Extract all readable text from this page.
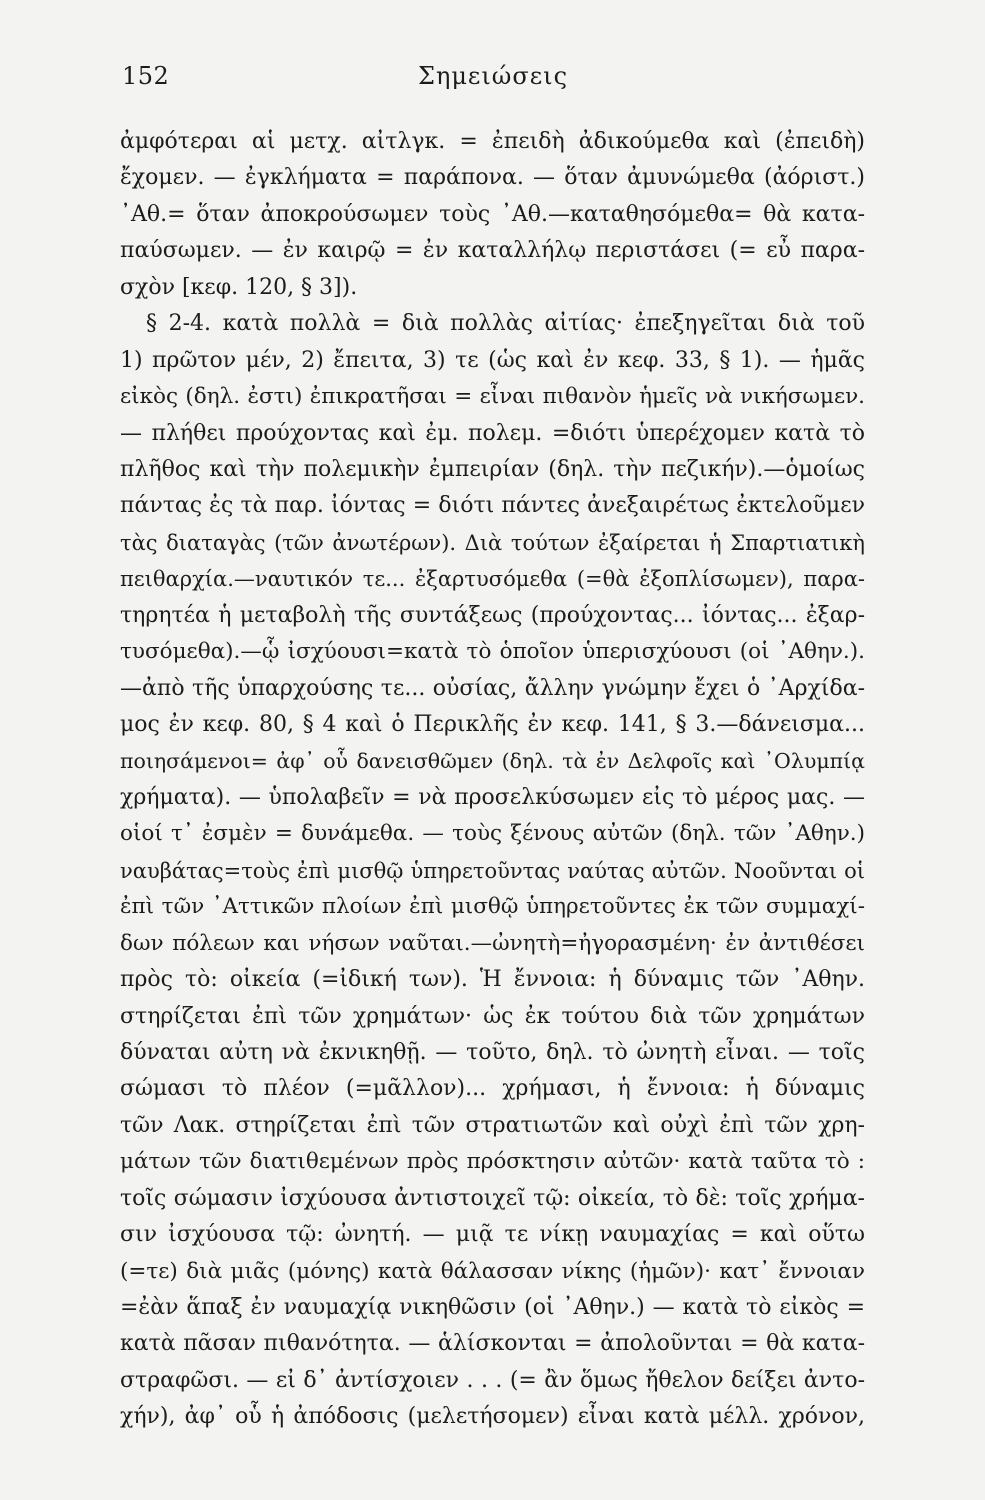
152	Σημειώσεις
ἀμφότεραι αἱ μετχ. αἰτλγκ. = ἐπειδὴ ἀδικούμεθα καὶ (ἐπειδὴ)
ἔχομεν. — ἐγκλήματα = παράπονα. — ὅταν ἀμυνώμεθα (ἀόριστ.)
᾿Αθ.= ὅταν ἀποκρούσωμεν τοὺς ᾿Αθ.—καταθησόμεθα= θὰ κατα-
παύσωμεν. — ἐν καιρῷ = ἐν καταλλήλῳ περιστάσει (= εὖ παρα-
σχὸν [κεφ. 120, § 3]).
§ 2-4. κατὰ πολλὰ = διὰ πολλὰς αἰτίας· ἐπεξηγεῖται διὰ τοῦ
1) πρῶτον μέν, 2) ἔπειτα, 3) τε (ὡς καὶ ἐν κεφ. 33, § 1). — ἡμᾶς
εἰκὸς (δηλ. ἐστι) ἐπικρατῆσαι = εἶναι πιθανὸν ἡμεῖς νὰ νικήσωμεν.
— πλήθει προύχοντας καὶ ἐμ. πολεμ. =διότι ὑπερέχομεν κατὰ τὸ
πλῆθος καὶ τὴν πολεμικὴν ἐμπειρίαν (δηλ. τὴν πεζικήν).—ὁμοίως
πάντας ἐς τὰ παρ. ἰόντας = διότι πάντες ἀνεξαιρέτως ἐκτελοῦμεν
τὰς διαταγὰς (τῶν ἀνωτέρων). Διὰ τούτων ἐξαίρεται ἡ Σπαρτιατικὴ
πειθαρχία.—ναυτικόν τε... ἐξαρτυσόμεθα (=θὰ ἐξοπλίσωμεν), παρα-
τηρητέα ἡ μεταβολὴ τῆς συντάξεως (προύχοντας... ἰόντας... ἐξαρ-
τυσόμεθα).—ᾧ ἰσχύουσι=κατὰ τὸ ὁποῖον ὑπερισχύουσι (οἱ ᾿Αθην.).
—ἀπὸ τῆς ὑπαρχούσης τε... οὐσίας, ἄλλην γνώμην ἔχει ὁ ᾿Αρχίδα-
μος ἐν κεφ. 80, § 4 καὶ ὁ Περικλῆς ἐν κεφ. 141, § 3.—δάνεισμα...
ποιησάμενοι= ἀφ᾿ οὗ δανεισθῶμεν (δηλ. τὰ ἐν Δελφοῖς καὶ ᾿Ολυμπίᾳ
χρήματα). — ὑπολαβεῖν = νὰ προσελκύσωμεν εἰς τὸ μέρος μας. —
οἱοί τ᾿ ἐσμὲν = δυνάμεθα. — τοὺς ξένους αὐτῶν (δηλ. τῶν ᾿Αθην.)
ναυβάτας=τοὺς ἐπὶ μισθῷ ὑπηρετοῦντας ναύτας αὐτῶν. Νοοῦνται οἱ
ἐπὶ τῶν ᾿Αττικῶν πλοίων ἐπὶ μισθῷ ὑπηρετοῦντες ἐκ τῶν συμμαχί-
δων πόλεων και νήσων ναῦται.—ὠνητὴ=ἠγορασμένη· ἐν ἀντιθέσει
πρὸς τὸ: οἰκεία (=ἰδική των). Ἡ ἔννοια: ἡ δύναμις τῶν ᾿Αθην.
στηρίζεται ἐπὶ τῶν χρημάτων· ὡς ἐκ τούτου διὰ τῶν χρημάτων
δύναται αὐτη νὰ ἐκνικηθῇ. — τοῦτο, δηλ. τὸ ὠνητὴ εἶναι. — τοῖς
σώμασι τὸ πλέον (=μᾶλλον)... χρήμασι, ἡ ἔννοια: ἡ δύναμις
τῶν Λακ. στηρίζεται ἐπὶ τῶν στρατιωτῶν καὶ οὐχὶ ἐπὶ τῶν χρη-
μάτων τῶν διατιθεμένων πρὸς πρόσκτησιν αὐτῶν· κατὰ ταῦτα τὸ :
τοῖς σώμασιν ἰσχύουσα ἀντιστοιχεῖ τῷ: οἰκεία, τὸ δὲ: τοῖς χρήμα-
σιν ἰσχύουσα τῷ: ὠνητή. — μιᾷ τε νίκῃ ναυμαχίας = καὶ οὕτω
(=τε) διὰ μιᾶς (μόνης) κατὰ θάλασσαν νίκης (ἡμῶν)· κατ᾿ ἔννοιαν
=ἐὰν ἅπαξ ἐν ναυμαχίᾳ νικηθῶσιν (οἱ ᾿Αθην.) — κατὰ τὸ εἰκὸς =
κατὰ πᾶσαν πιθανότητα. — ἁλίσκονται = ἀπολοῦνται = θὰ κατα-
στραφῶσι. — εἰ δ᾿ ἀντίσχοιεν . . . (= ἂν ὅμως ἤθελον δείξει ἀντο-
χήν), ἀφ᾿ οὗ ἡ ἀπόδοσις (μελετήσομεν) εἶναι κατὰ μέλλ. χρόνον,
